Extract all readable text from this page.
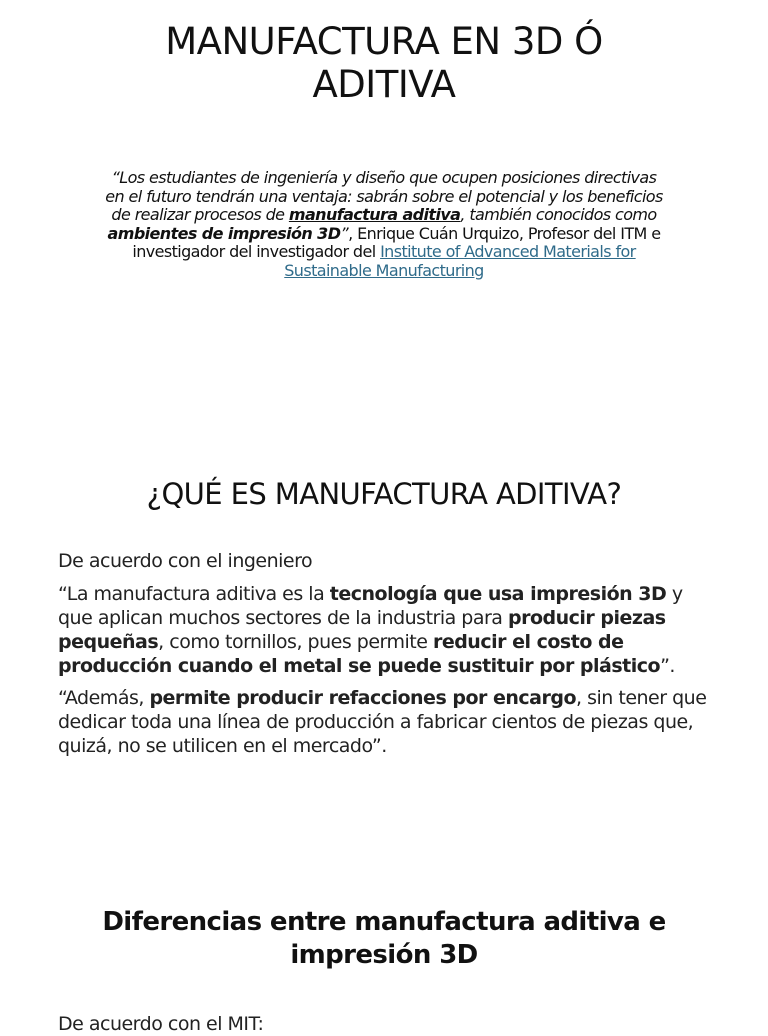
MANUFACTURA EN 3D Ó
ADITIVA
“Los estudiantes de ingeniería y diseño que ocupen posiciones directivas en el futuro tendrán una ventaja: sabrán sobre el potencial y los beneficios de realizar procesos de manufactura aditiva, también conocidos como ambientes de impresión 3D”, Enrique Cuán Urquizo, Profesor del ITM e investigador del investigador del Institute of Advanced Materials for Sustainable Manufacturing
¿QUÉ ES MANUFACTURA ADITIVA?
De acuerdo con el ingeniero
“La manufactura aditiva es la tecnología que usa impresión 3D y que aplican muchos sectores de la industria para producir piezas pequeñas, como tornillos, pues permite reducir el costo de producción cuando el metal se puede sustituir por plástico”.
“Además, permite producir refacciones por encargo, sin tener que dedicar toda una línea de producción a fabricar cientos de piezas que, quizá, no se utilicen en el mercado”.
Diferencias entre manufactura aditiva e
impresión 3D
De acuerdo con el MIT:
